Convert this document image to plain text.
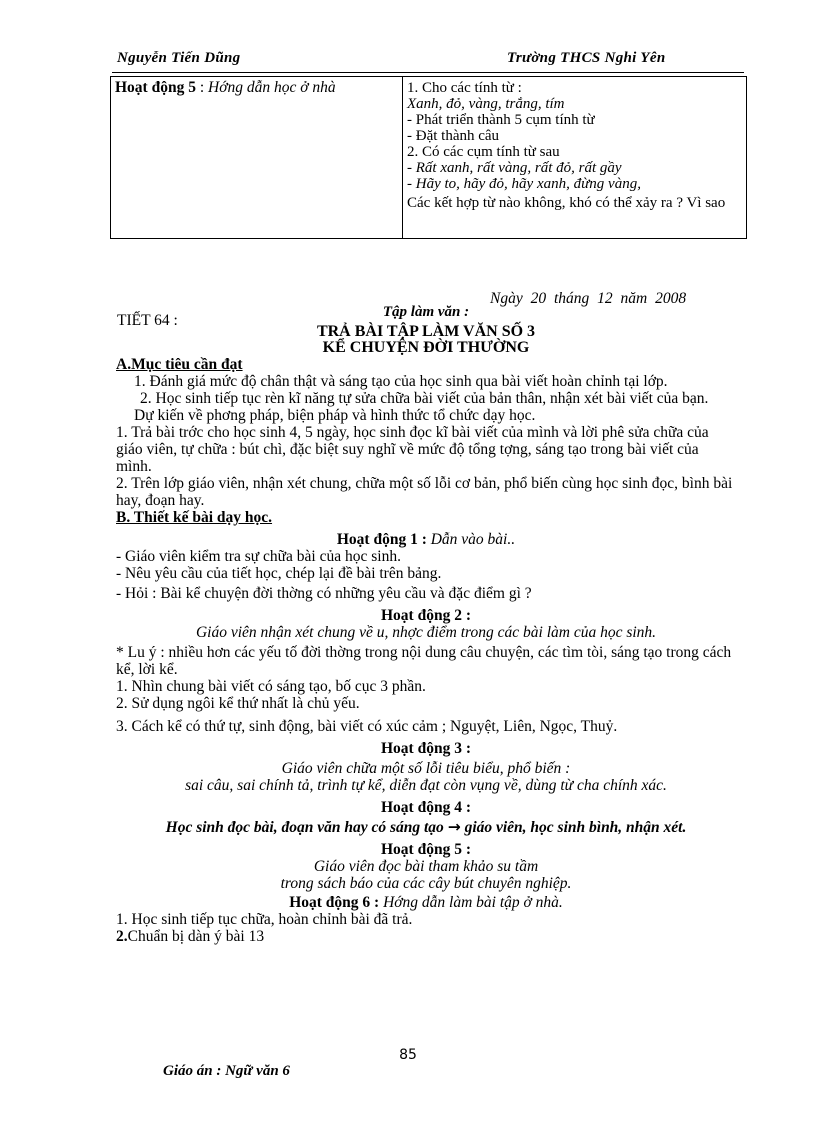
Nguyễn Tiến Dũng	Trường THCS Nghi Yên
Hoạt động 5 : Hớng dẫn học ở nhà	1. Cho các tính từ :

Xanh, đỏ, vàng, trắng, tím

- Phát triển thành 5 cụm tính từ

- Đặt thành câu

2. Có các cụm tính từ sau

- Rất xanh, rất vàng, rất đỏ, rất gầy

- Hãy to, hãy đỏ, hãy xanh, đừng vàng,

Các kết hợp từ nào không, khó có thể xảy ra ? Vì sao

Ngày 20 tháng 12 năm 2008
Tập làm văn :
TIẾT 64 :
TRẢ BÀI TẬP LÀM VĂN SỐ 3
KỂ CHUYỆN ĐỜI THƯỜNG

A.Mục tiêu cần đạt

1. Đánh giá mức độ chân thật và sáng tạo của học sinh qua bài viết hoàn chỉnh tại lớp.

2. Học sinh tiếp tục rèn kĩ năng tự sửa chữa bài viết của bản thân, nhận xét bài viết của bạn.

Dự kiến về phơng pháp, biện pháp và hình thức tổ chức dạy học.

1. Trả bài trớc cho học sinh 4, 5 ngày, học sinh đọc kĩ bài viết của mình và lời phê sửa chữa của giáo viên, tự chữa : bút chì, đặc biệt suy nghĩ về mức độ tổng tợng, sáng tạo trong bài viết của mình.

2. Trên lớp giáo viên, nhận xét chung, chữa một số lỗi cơ bản, phổ biến cùng học sinh đọc, bình bài hay, đoạn hay.

B. Thiết kế bài dạy học.

Hoạt động 1 : Dẫn vào bài..

- Giáo viên kiểm tra sự chữa bài của học sinh.

- Nêu yêu cầu của tiết học, chép lại đề bài trên bảng.

- Hỏi : Bài kể chuyện đời thờng có những yêu cầu và đặc điểm gì ?

Hoạt động 2 :

Giáo viên nhận xét chung về u, nhợc điểm trong các bài làm của học sinh.

* Lu ý : nhiều hơn các yếu tố đời thờng trong nội dung câu chuyện, các tìm tòi, sáng tạo trong cách kể, lời kể.

1. Nhìn chung bài viết có sáng tạo, bố cục 3 phần.

2. Sử dụng ngôi kể thứ nhất là chủ yếu.

3. Cách kể có thứ tự, sinh động, bài viết có xúc cảm ; Nguyệt, Liên, Ngọc, Thuỷ.

Hoạt động 3 :

Giáo viên chữa một số lỗi tiêu biểu, phổ biến :

sai câu, sai chính tả, trình tự kể, diễn đạt còn vụng về, dùng từ cha chính xác.

Hoạt động 4 :

Học sinh đọc bài, đoạn văn hay có sáng tạo → giáo viên, học sinh bình, nhận xét.

Hoạt động 5 :

Giáo viên đọc bài tham khảo su tầm

trong sách báo của các cây bút chuyên nghiệp.

Hoạt động 6 : Hớng dẫn làm bài tập ở nhà.

1. Học sinh tiếp tục chữa, hoàn chỉnh bài đã trả.

2.Chuẩn bị dàn ý bài 13

85
Giáo án : Ngữ văn 6
